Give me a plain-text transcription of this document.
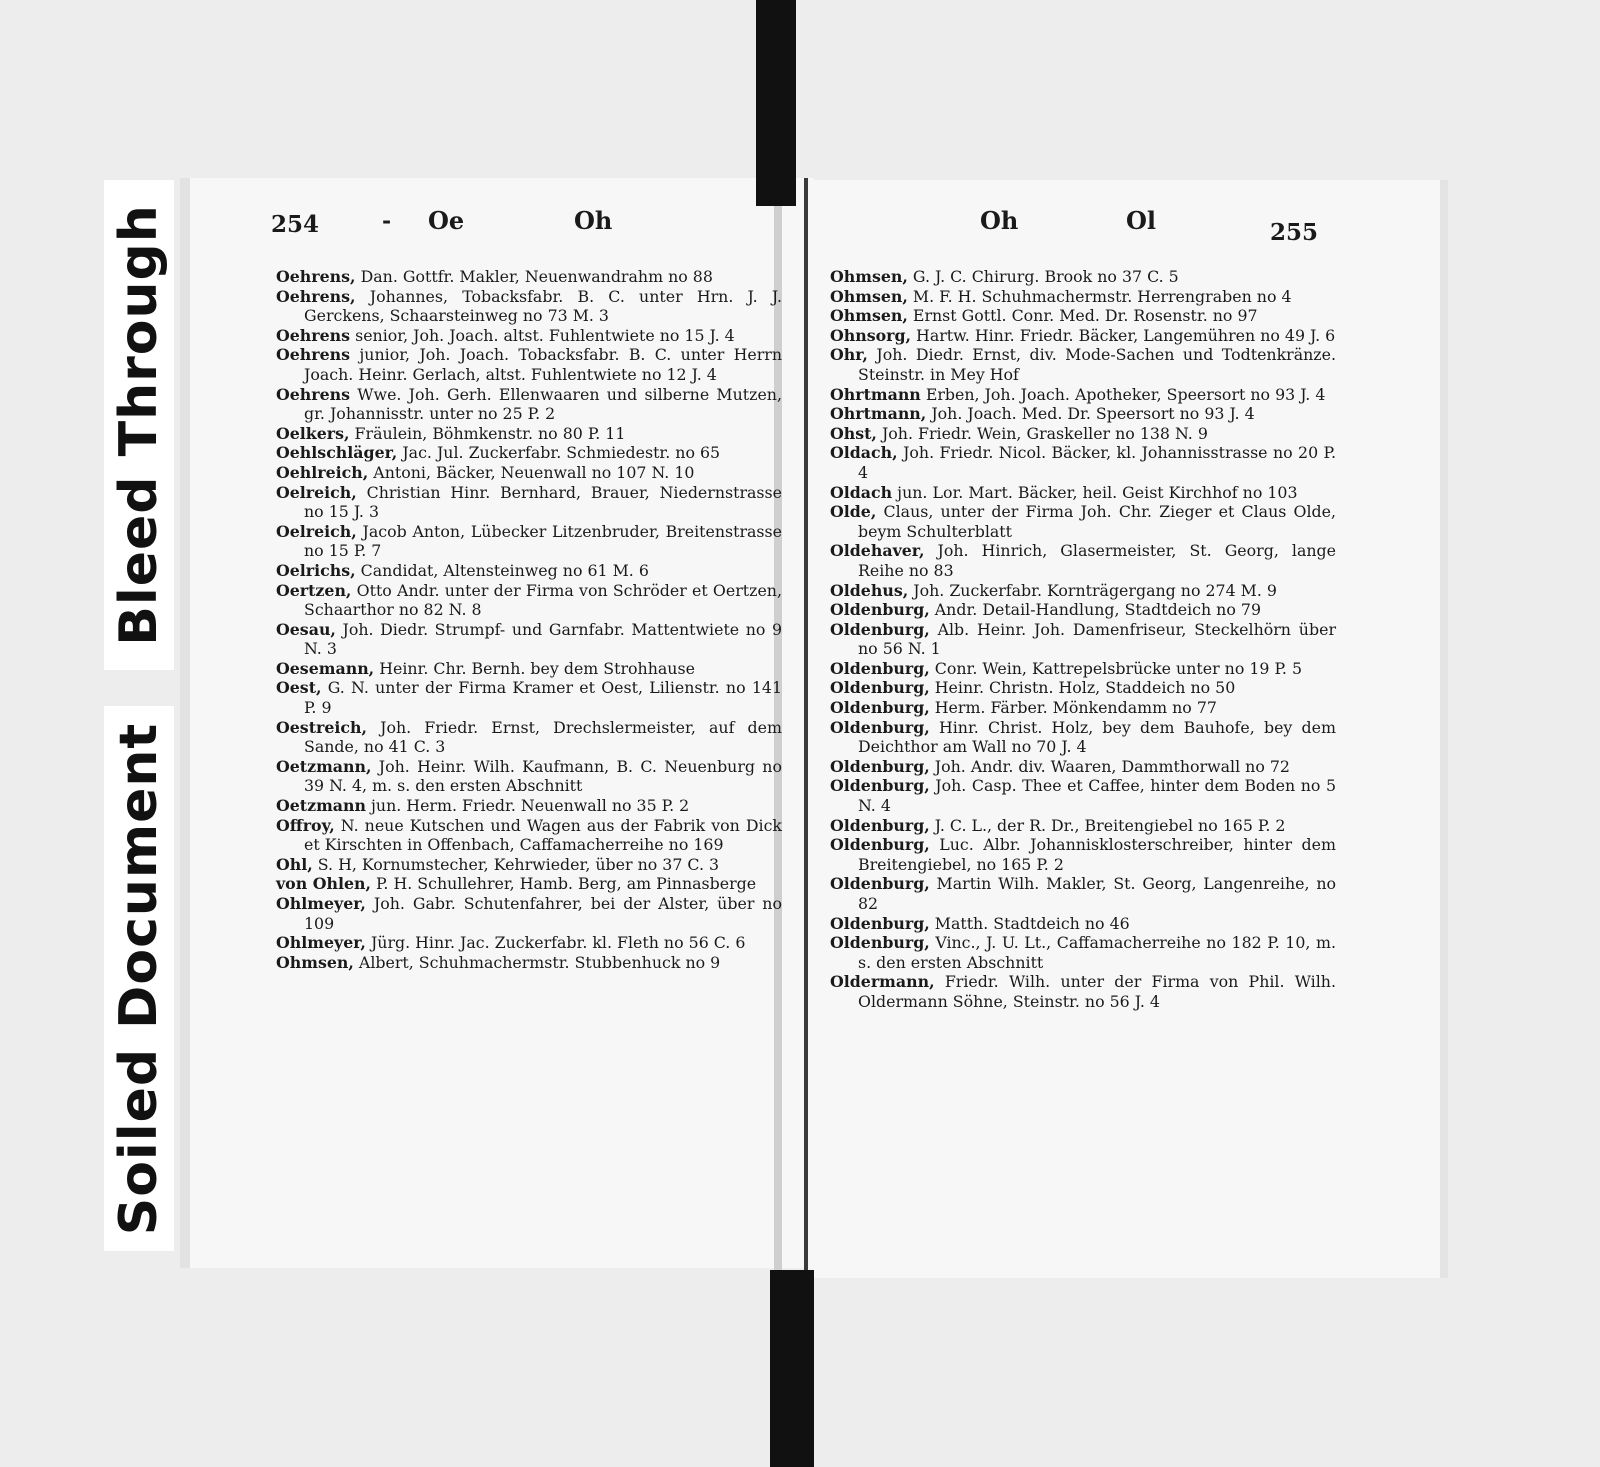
Bleed Through
Soiled Document
254	- Oe	Oh	Oh	Ol	255
Oehrens, Dan. Gottfr. Makler, Neuenwandrahm no 88
Oehrens, Johannes, Tobacksfabr. B. C. unter Hrn. J. J. Gerckens, Schaarsteinweg no 73 M. 3
Oehrens senior, Joh. Joach. altst. Fuhlentwiete no 15 J. 4
Oehrens junior, Joh. Joach. Tobacksfabr. B. C. unter Herrn Joach. Heinr. Gerlach, altst. Fuhlentwiete no 12 J. 4
Oehrens Wwe. Joh. Gerh. Ellenwaaren und silberne Mutzen, gr. Johannisstr. unter no 25 P. 2
Oelkers, Fräulein, Böhmkenstr. no 80 P. 11
Oehlschläger, Jac. Jul. Zuckerfabr. Schmiedestr. no 65
Oehlreich, Antoni, Bäcker, Neuenwall no 107 N. 10
Oelreich, Christian Hinr. Bernhard, Brauer, Niedernstrasse no 15 J. 3
Oelreich, Jacob Anton, Lübecker Litzenbruder, Breitenstrasse no 15 P. 7
Oelrichs, Candidat, Altensteinweg no 61 M. 6
Oertzen, Otto Andr. unter der Firma von Schröder et Oertzen, Schaarthor no 82 N. 8
Oesau, Joh. Diedr. Strumpf- und Garnfabr. Mattentwiete no 9 N. 3
Oesemann, Heinr. Chr. Bernh. bey dem Strohhause
Oest, G. N. unter der Firma Kramer et Oest, Lilienstr. no 141 P. 9
Oestreich, Joh. Friedr. Ernst, Drechslermeister, auf dem Sande, no 41 C. 3
Oetzmann, Joh. Heinr. Wilh. Kaufmann, B. C. Neuenburg no 39 N. 4, m. s. den ersten Abschnitt
Oetzmann jun. Herm. Friedr. Neuenwall no 35 P. 2
Offroy, N. neue Kutschen und Wagen aus der Fabrik von Dick et Kirschten in Offenbach, Caffamacherreihe no 169
Ohl, S. H, Kornumstecher, Kehrwieder, über no 37 C. 3
von Ohlen, P. H. Schullehrer, Hamb. Berg, am Pinnasberge
Ohlmeyer, Joh. Gabr. Schutenfahrer, bei der Alster, über no 109
Ohlmeyer, Jürg. Hinr. Jac. Zuckerfabr. kl. Fleth no 56 C. 6
Ohmsen, Albert, Schuhmachermstr. Stubbenhuck no 9
Ohmsen, G. J. C. Chirurg. Brook no 37 C. 5
Ohmsen, M. F. H. Schuhmachermstr. Herrengraben no 4
Ohmsen, Ernst Gottl. Conr. Med. Dr. Rosenstr. no 97
Ohnsorg, Hartw. Hinr. Friedr. Bäcker, Langemühren no 49 J. 6
Ohr, Joh. Diedr. Ernst, div. Mode-Sachen und Todtenkränze. Steinstr. in Mey Hof
Ohrtmann Erben, Joh. Joach. Apotheker, Speersort no 93 J. 4
Ohrtmann, Joh. Joach. Med. Dr. Speersort no 93 J. 4
Ohst, Joh. Friedr. Wein, Graskeller no 138 N. 9
Oldach, Joh. Friedr. Nicol. Bäcker, kl. Johannisstrasse no 20 P. 4
Oldach jun. Lor. Mart. Bäcker, heil. Geist Kirchhof no 103
Olde, Claus, unter der Firma Joh. Chr. Zieger et Claus Olde, beym Schulterblatt
Oldehaver, Joh. Hinrich, Glasermeister, St. Georg, lange Reihe no 83
Oldehus, Joh. Zuckerfabr. Kornträgergang no 274 M. 9
Oldenburg, Andr. Detail-Handlung, Stadtdeich no 79
Oldenburg, Alb. Heinr. Joh. Damenfriseur, Steckelhörn über no 56 N. 1
Oldenburg, Conr. Wein, Kattrepelsbrücke unter no 19 P. 5
Oldenburg, Heinr. Christn. Holz, Staddeich no 50
Oldenburg, Herm. Färber. Mönkendamm no 77
Oldenburg, Hinr. Christ. Holz, bey dem Bauhofe, bey dem Deichthor am Wall no 70 J. 4
Oldenburg, Joh. Andr. div. Waaren, Dammthorwall no 72
Oldenburg, Joh. Casp. Thee et Caffee, hinter dem Boden no 5 N. 4
Oldenburg, J. C. L., der R. Dr., Breitengiebel no 165 P. 2
Oldenburg, Luc. Albr. Johannisklosterschreiber, hinter dem Breitengiebel, no 165 P. 2
Oldenburg, Martin Wilh. Makler, St. Georg, Langenreihe, no 82
Oldenburg, Matth. Stadtdeich no 46
Oldenburg, Vinc., J. U. Lt., Caffamacherreihe no 182 P. 10, m. s. den ersten Abschnitt
Oldermann, Friedr. Wilh. unter der Firma von Phil. Wilh. Oldermann Söhne, Steinstr. no 56 J. 4
